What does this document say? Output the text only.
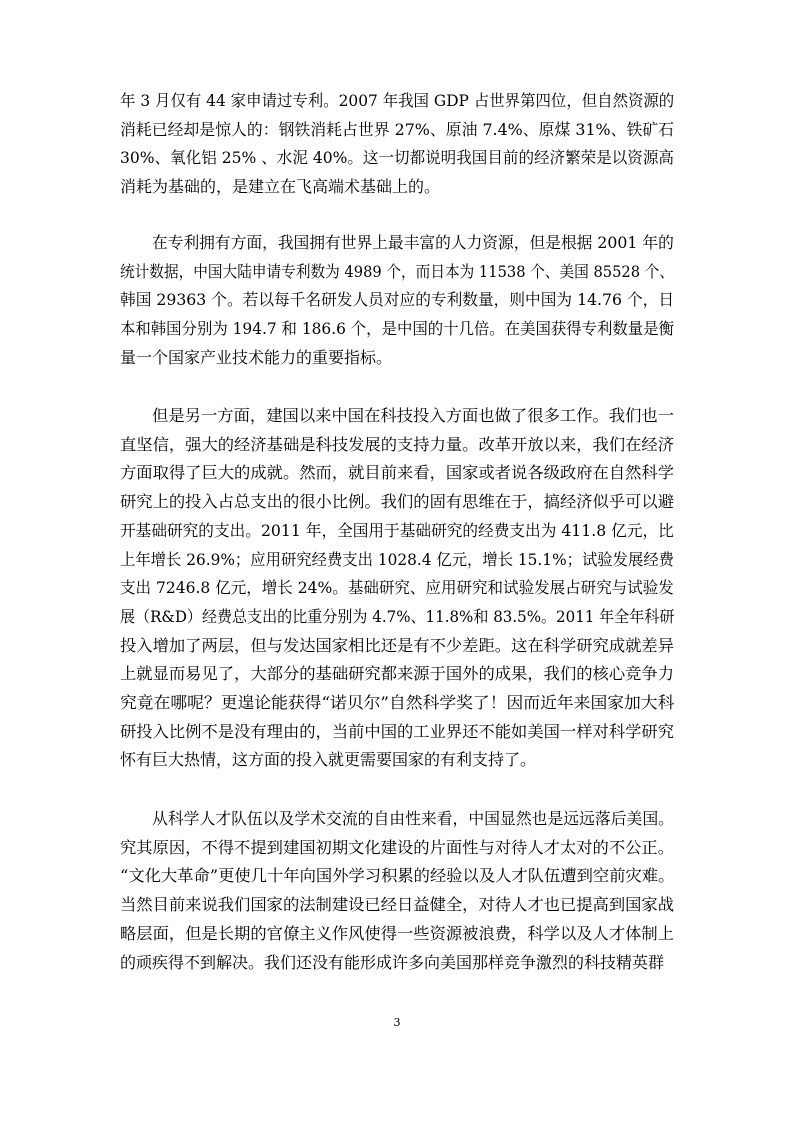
年 3 月仅有 44 家申请过专利。2007 年我国 GDP 占世界第四位，但自然资源的
消耗已经却是惊人的：钢铁消耗占世界 27%、原油 7.4%、原煤 31%、铁矿石
30%、氧化铝 25% 、水泥 40%。这一切都说明我国目前的经济繁荣是以资源高
消耗为基础的，是建立在飞高端术基础上的。
在专利拥有方面，我国拥有世界上最丰富的人力资源，但是根据 2001 年的
统计数据，中国大陆申请专利数为 4989 个，而日本为 11538 个、美国 85528 个、
韩国 29363 个。若以每千名研发人员对应的专利数量，则中国为 14.76 个，日
本和韩国分别为 194.7 和 186.6 个，是中国的十几倍。在美国获得专利数量是衡
量一个国家产业技术能力的重要指标。
但是另一方面，建国以来中国在科技投入方面也做了很多工作。我们也一
直坚信，强大的经济基础是科技发展的支持力量。改革开放以来，我们在经济
方面取得了巨大的成就。然而，就目前来看，国家或者说各级政府在自然科学
研究上的投入占总支出的很小比例。我们的固有思维在于，搞经济似乎可以避
开基础研究的支出。2011 年，全国用于基础研究的经费支出为 411.8 亿元，比
上年增长 26.9%；应用研究经费支出 1028.4 亿元，增长 15.1%；试验发展经费
支出 7246.8 亿元，增长 24%。基础研究、应用研究和试验发展占研究与试验发
展（R&D）经费总支出的比重分别为 4.7%、11.8%和 83.5%。2011 年全年科研
投入增加了两层，但与发达国家相比还是有不少差距。这在科学研究成就差异
上就显而易见了，大部分的基础研究都来源于国外的成果，我们的核心竞争力
究竟在哪呢？更遑论能获得“诺贝尔”自然科学奖了！因而近年来国家加大科
研投入比例不是没有理由的，当前中国的工业界还不能如美国一样对科学研究
怀有巨大热情，这方面的投入就更需要国家的有利支持了。
从科学人才队伍以及学术交流的自由性来看，中国显然也是远远落后美国。
究其原因，不得不提到建国初期文化建设的片面性与对待人才太对的不公正。
“文化大革命”更使几十年向国外学习积累的经验以及人才队伍遭到空前灾难。
当然目前来说我们国家的法制建设已经日益健全，对待人才也已提高到国家战
略层面，但是长期的官僚主义作风使得一些资源被浪费，科学以及人才体制上
的顽疾得不到解决。我们还没有能形成许多向美国那样竞争激烈的科技精英群
3
